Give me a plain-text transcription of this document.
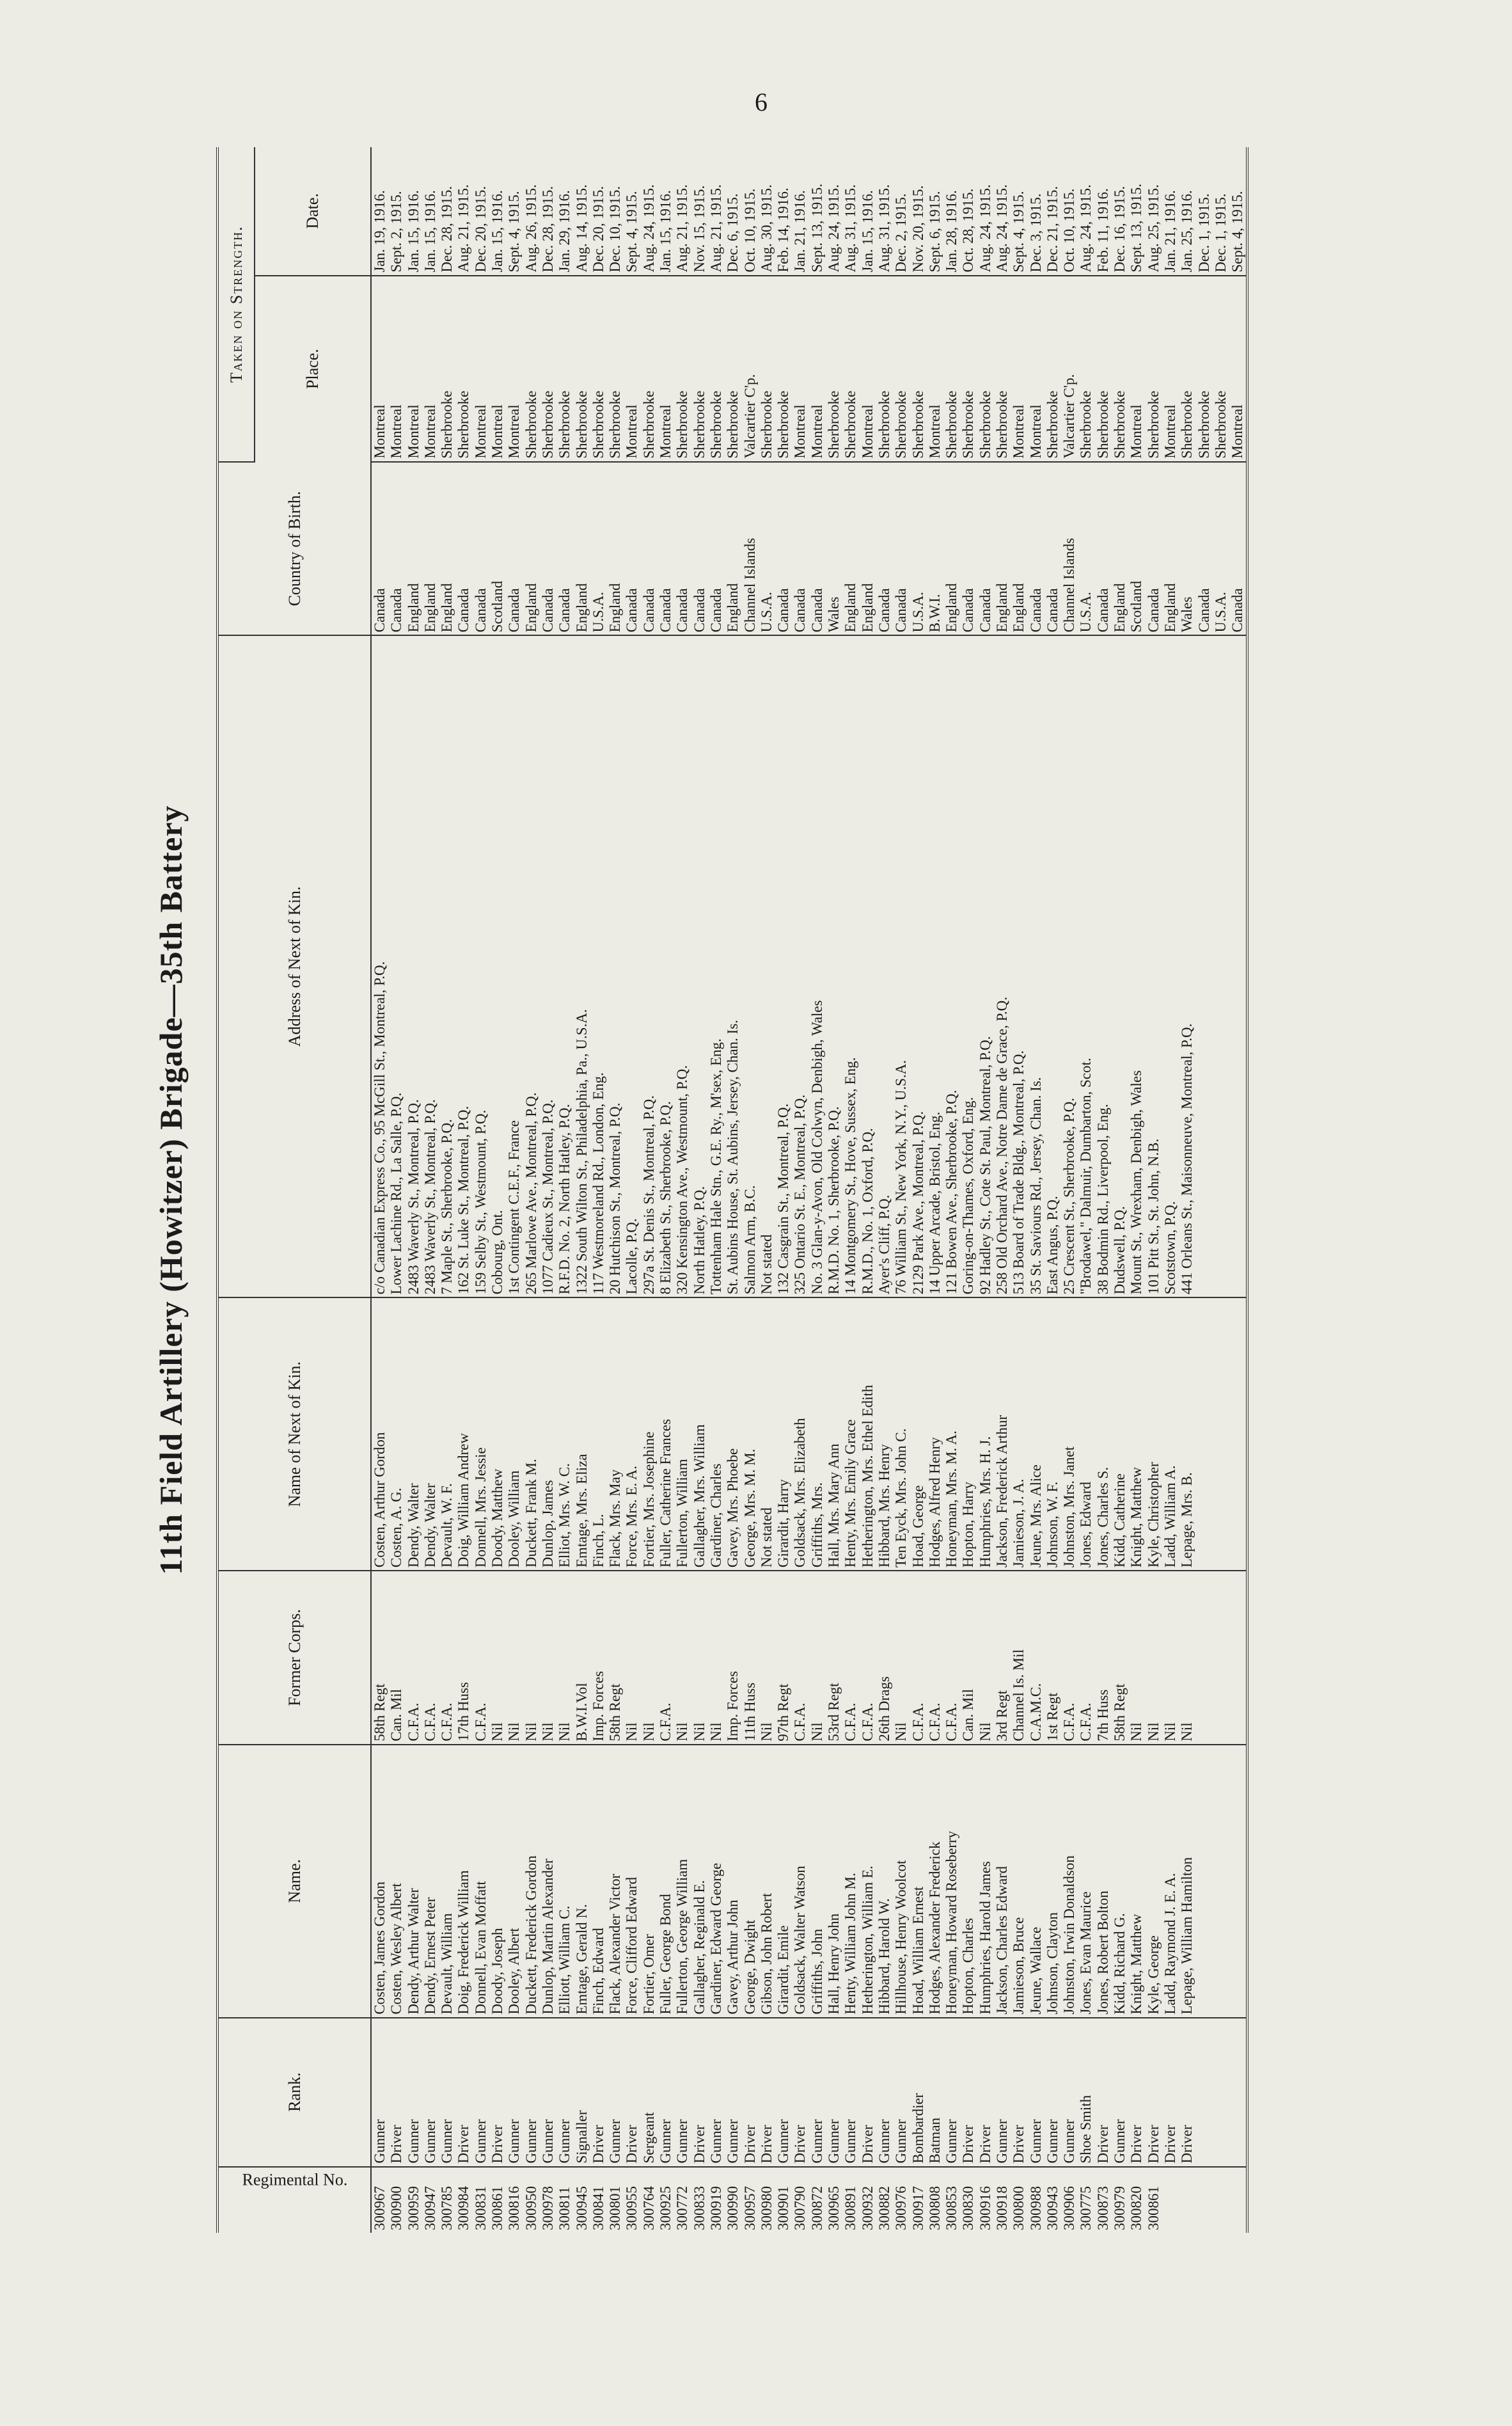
6
11th Field Artillery (Howitzer) Brigade—35th Battery
Regimental No.	Rank.	Name.	Former Corps.	Name of Next of Kin.	Address of Next of Kin.	Country of Birth.	Taken on Strength.	
							Place.	Date.
300967	Gunner	Costen, James Gordon	58th Regt	Costen, Arthur Gordon	c/o Canadian Express Co., 95 McGill St., Montreal, P.Q.	Canada	Montreal	Jan. 19, 1916.
300900	Driver	Costen, Wesley Albert	Can. Mil	Costen, A. G.	Lower Lachine Rd., La Salle, P.Q.	Canada	Montreal	Sept. 2, 1915.
300959	Gunner	Dendy, Arthur Walter	C.F.A.	Dendy, Walter	2483 Waverly St., Montreal, P.Q.	England	Montreal	Jan. 15, 1916.
300947	Gunner	Dendy, Ernest Peter	C.F.A.	Dendy, Walter	2483 Waverly St., Montreal, P.Q.	England	Montreal	Jan. 15, 1916.
300785	Gunner	Devault, William	C.F.A.	Devault, W. F.	7 Maple St., Sherbrooke, P.Q.	England	Sherbrooke	Dec. 28, 1915.
300984	Driver	Doig, Frederick William	17th Huss	Doig, William Andrew	162 St. Luke St., Montreal, P.Q.	Canada	Sherbrooke	Aug. 21, 1915.
300831	Gunner	Donnell, Evan Moffatt	C.F.A.	Donnell, Mrs. Jessie	159 Selby St., Westmount, P.Q.	Canada	Montreal	Dec. 20, 1915.
300861	Driver	Doody, Joseph	Nil	Doody, Matthew	Cobourg, Ont.	Scotland	Montreal	Jan. 15, 1916.
300816	Gunner	Dooley, Albert	Nil	Dooley, William	1st Contingent C.E.F., France	Canada	Montreal	Sept. 4, 1915.
300950	Gunner	Duckett, Frederick Gordon	Nil	Duckett, Frank M.	265 Marlowe Ave., Montreal, P.Q.	England	Sherbrooke	Aug. 26, 1915.
300978	Gunner	Dunlop, Martin Alexander	Nil	Dunlop, James	1077 Cadieux St., Montreal, P.Q.	Canada	Sherbrooke	Dec. 28, 1915.
300811	Gunner	Elliott, William C.	Nil	Elliot, Mrs. W. C.	R.F.D. No. 2, North Hatley, P.Q.	Canada	Sherbrooke	Jan. 29, 1916.
300945	Signaller	Emtage, Gerald N.	B.W.I.Vol	Emtage, Mrs. Eliza	1322 South Wilton St., Philadelphia, Pa., U.S.A.	England	Sherbrooke	Aug. 14, 1915.
300841	Driver	Finch, Edward	Imp. Forces	Finch, L.	117 Westmoreland Rd., London, Eng.	U.S.A.	Sherbrooke	Dec. 20, 1915.
300801	Gunner	Flack, Alexander Victor	58th Regt	Flack, Mrs. May	20 Hutchison St., Montreal, P.Q.	England	Sherbrooke	Dec. 10, 1915.
300955	Driver	Force, Clifford Edward	Nil	Force, Mrs. E. A.	Lacolle, P.Q.	Canada	Montreal	Sept. 4, 1915.
300764	Sergeant	Fortier, Omer	Nil	Fortier, Mrs. Josephine	297a St. Denis St., Montreal, P.Q.	Canada	Sherbrooke	Aug. 24, 1915.
300925	Gunner	Fuller, George Bond	C.F.A.	Fuller, Catherine Frances	8 Elizabeth St., Sherbrooke, P.Q.	Canada	Montreal	Jan. 15, 1916.
300772	Gunner	Fullerton, George William	Nil	Fullerton, William	320 Kensington Ave., Westmount, P.Q.	Canada	Sherbrooke	Aug. 21, 1915.
300833	Driver	Gallagher, Reginald E.	Nil	Gallagher, Mrs. William	North Hatley, P.Q.	Canada	Sherbrooke	Nov. 15, 1915.
300919	Gunner	Gardiner, Edward George	Nil	Gardiner, Charles	Tottenham Hale Stn., G.E. Ry., M'sex, Eng.	Canada	Sherbrooke	Aug. 21, 1915.
300990	Gunner	Gavey, Arthur John	Imp. Forces	Gavey, Mrs. Phoebe	St. Aubins House, St. Aubins, Jersey, Chan. Is.	England	Sherbrooke	Dec. 6, 1915.
300957	Driver	George, Dwight	11th Huss	George, Mrs. M. M.	Salmon Arm, B.C.	Channel Islands	Valcartier C'p.	Oct. 10, 1915.
300980	Driver	Gibson, John Robert	Nil	Not stated	Not stated	U.S.A.	Sherbrooke	Aug. 30, 1915.
300901	Gunner	Girardit, Emile	97th Regt	Girardit, Harry	132 Casgrain St., Montreal, P.Q.	Canada	Sherbrooke	Feb. 14, 1916.
300790	Driver	Goldsack, Walter Watson	C.F.A.	Goldsack, Mrs. Elizabeth	325 Ontario St. E., Montreal, P.Q.	Canada	Montreal	Jan. 21, 1916.
300872	Gunner	Griffiths, John	Nil	Griffiths, Mrs.	No. 3 Glan-y-Avon, Old Colwyn, Denbigh, Wales	Canada	Montreal	Sept. 13, 1915.
300965	Gunner	Hall, Henry John	53rd Regt	Hall, Mrs. Mary Ann	R.M.D. No. 1, Sherbrooke, P.Q.	Wales	Sherbrooke	Aug. 24, 1915.
300891	Gunner	Henty, William John M.	C.F.A.	Henty, Mrs. Emily Grace	14 Montgomery St., Hove, Sussex, Eng.	England	Sherbrooke	Aug. 31, 1915.
300932	Driver	Hetherington, William E.	C.F.A.	Hetherington, Mrs. Ethel Edith	R.M.D., No. 1, Oxford, P.Q.	England	Montreal	Jan. 15, 1916.
300882	Gunner	Hibbard, Harold W.	26th Drags	Hibbard, Mrs. Henry	Ayer's Cliff, P.Q.	Canada	Sherbrooke	Aug. 31, 1915.
300976	Gunner	Hillhouse, Henry Woolcot	Nil	Ten Eyck, Mrs. John C.	76 William St., New York, N.Y., U.S.A.	Canada	Sherbrooke	Dec. 2, 1915.
300917	Bombardier	Hoad, William Ernest	C.F.A.	Hoad, George	2129 Park Ave., Montreal, P.Q.	U.S.A.	Sherbrooke	Nov. 20, 1915.
300808	Batman	Hodges, Alexander Frederick	C.F.A.	Hodges, Alfred Henry	14 Upper Arcade, Bristol, Eng.	B.W.I.	Montreal	Sept. 6, 1915.
300853	Gunner	Honeyman, Howard Roseberry	C.F.A.	Honeyman, Mrs. M. A.	121 Bowen Ave., Sherbrooke, P.Q.	England	Sherbrooke	Jan. 28, 1916.
300830	Driver	Hopton, Charles	Can. Mil	Hopton, Harry	Goring-on-Thames, Oxford, Eng.	Canada	Sherbrooke	Oct. 28, 1915.
300916	Driver	Humphries, Harold James	Nil	Humphries, Mrs. H. J.	92 Hadley St., Cote St. Paul, Montreal, P.Q.	Canada	Sherbrooke	Aug. 24, 1915.
300918	Gunner	Jackson, Charles Edward	3rd Regt	Jackson, Frederick Arthur	258 Old Orchard Ave., Notre Dame de Grace, P.Q.	England	Sherbrooke	Aug. 24, 1915.
300800	Driver	Jamieson, Bruce	Channel Is. Mil	Jamieson, J. A.	513 Board of Trade Bldg., Montreal, P.Q.	England	Montreal	Sept. 4, 1915.
300988	Gunner	Jeune, Wallace	C.A.M.C.	Jeune, Mrs. Alice	35 St. Saviours Rd., Jersey, Chan. Is.	Canada	Montreal	Dec. 3, 1915.
300943	Gunner	Johnson, Clayton	1st Regt	Johnson, W. F.	East Angus, P.Q.	Canada	Sherbrooke	Dec. 21, 1915.
300906	Gunner	Johnston, Irwin Donaldson	C.F.A.	Johnston, Mrs. Janet	25 Crescent St., Sherbrooke, P.Q.	Channel Islands	Valcartier C'p.	Oct. 10, 1915.
300775	Shoe Smith	Jones, Evan Maurice	C.F.A.	Jones, Edward	"Brodawel," Dalmuir, Dumbarton, Scot.	U.S.A.	Sherbrooke	Aug. 24, 1915.
300873	Driver	Jones, Robert Bolton	7th Huss	Jones, Charles S.	38 Bodmin Rd., Liverpool, Eng.	Canada	Sherbrooke	Feb. 11, 1916.
300979	Gunner	Kidd, Richard G.	58th Regt	Kidd, Catherine	Dudswell, P.Q.	England	Sherbrooke	Dec. 16, 1915.
300820	Driver	Knight, Matthew	Nil	Knight, Matthew	Mount St., Wrexham, Denbigh, Wales	Scotland	Montreal	Sept. 13, 1915.
300861	Driver	Kyle, George	Nil	Kyle, Christopher	101 Pitt St., St. John, N.B.	Canada	Sherbrooke	Aug. 25, 1915.
	Driver	Ladd, Raymond J. E. A.	Nil	Ladd, William A.	Scotstown, P.Q.	England	Montreal	Jan. 21, 1916.
	Driver	Lepage, William Hamilton	Nil	Lepage, Mrs. B.	441 Orleans St., Maisonneuve, Montreal, P.Q.	Wales	Sherbrooke	Jan. 25, 1916.
						Canada	Sherbrooke	Dec. 1, 1915.
						U.S.A.	Sherbrooke	Dec. 1, 1915.
						Canada	Montreal	Sept. 4, 1915.
